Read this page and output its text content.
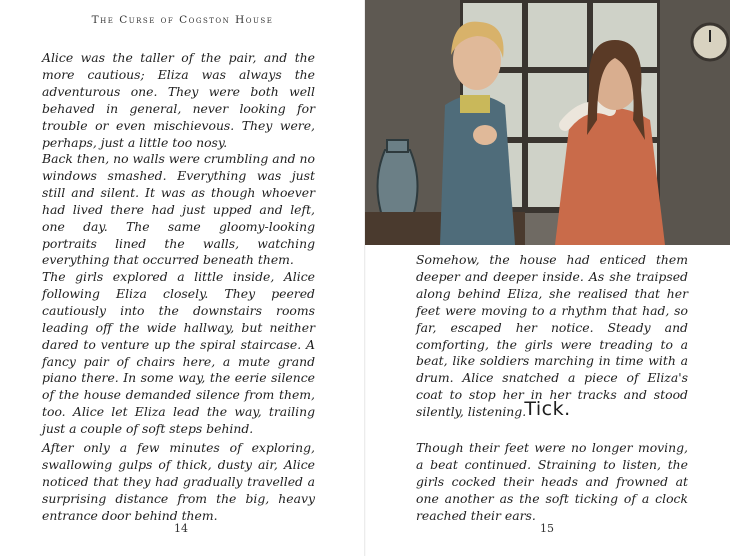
The Curse of Cogston House

Alice was the taller of the pair, and the more cautious; Eliza was always the adventurous one. They were both well behaved in general, never looking for trouble or even mischievous. They were, perhaps, just a little too nosy.

Back then, no walls were crumbling and no windows smashed. Everything was just still and silent. It was as though whoever had lived there had just upped and left, one day. The same gloomy-looking portraits lined the walls, watching everything that occurred beneath them.

The girls explored a little inside, Alice following Eliza closely. They peered cautiously into the downstairs rooms leading off the wide hallway, but neither dared to venture up the spiral staircase. A fancy pair of chairs here, a mute grand piano there. In some way, the eerie silence of the house demanded silence from them, too. Alice let Eliza lead the way, trailing just a couple of soft steps behind.

After only a few minutes of exploring, swallowing gulps of thick, dusty air, Alice noticed that they had gradually travelled a surprising distance from the big, heavy entrance door behind them.

14

Somehow, the house had enticed them deeper and deeper inside. As she traipsed along behind Eliza, she realised that her feet were moving to a rhythm that had, so far, escaped her notice. Steady and comforting, the girls were treading to a beat, like soldiers marching in time with a drum. Alice snatched a piece of Eliza's coat to stop her in her tracks and stood silently, listening.

Tick.

Though their feet were no longer moving, a beat continued. Straining to listen, the girls cocked their heads and frowned at one another as the soft ticking of a clock reached their ears.

15
